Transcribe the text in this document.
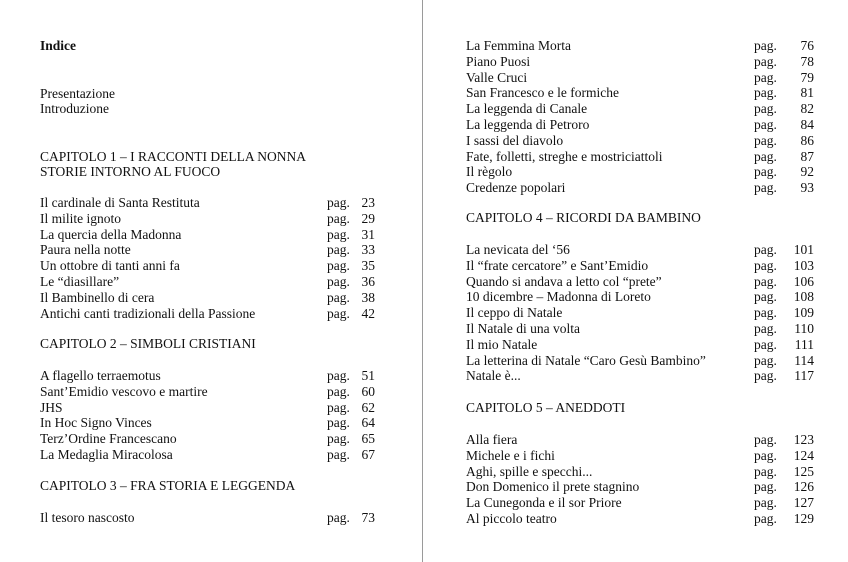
Indice
Presentazione
Introduzione
CAPITOLO 1 – I RACCONTI DELLA NONNA
STORIE INTORNO AL FUOCO
Il cardinale di Santa Restituta	pag. 23
Il milite ignoto	pag. 29
La quercia della Madonna	pag. 31
Paura nella notte	pag. 33
Un ottobre di tanti anni fa	pag. 35
Le “diasillare”	pag. 36
Il Bambinello di cera	pag. 38
Antichi canti tradizionali della Passione	pag. 42
CAPITOLO 2 – SIMBOLI CRISTIANI
A flagello terraemotus	pag. 51
Sant’Emidio vescovo e martire	pag. 60
JHS	pag. 62
In Hoc Signo Vinces	pag. 64
Terz’Ordine Francescano	pag. 65
La Medaglia Miracolosa	pag. 67
CAPITOLO 3 – FRA STORIA E LEGGENDA
Il tesoro nascosto	pag. 73
La Femmina Morta	pag.	76
Piano Puosi	pag.	78
Valle Cruci	pag.	79
San Francesco e le formiche	pag.	81
La leggenda di Canale	pag.	82
La leggenda di Petroro	pag.	84
I sassi del diavolo	pag.	86
Fate, folletti, streghe e mostriciattoli	pag.	87
Il règolo	pag.	92
Credenze popolari	pag.	93
CAPITOLO 4 – RICORDI DA BAMBINO
La nevicata del ‘56	pag.	101
Il “frate cercatore” e Sant’Emidio	pag.	103
Quando si andava a letto col “prete”	pag.	106
10 dicembre – Madonna di Loreto	pag.	108
Il ceppo di Natale	pag.	109
Il Natale di una volta	pag.	110
Il mio Natale	pag.	111
La letterina di Natale “Caro Gesù Bambino”	pag.	114
Natale è...	pag.	117
CAPITOLO 5 – ANEDDOTI
Alla fiera	pag.	123
Michele e i fichi	pag.	124
Aghi, spille e specchi...	pag.	125
Don Domenico il prete stagnino	pag.	126
La Cunegonda e il sor Priore	pag.	127
Al piccolo teatro	pag.	129
